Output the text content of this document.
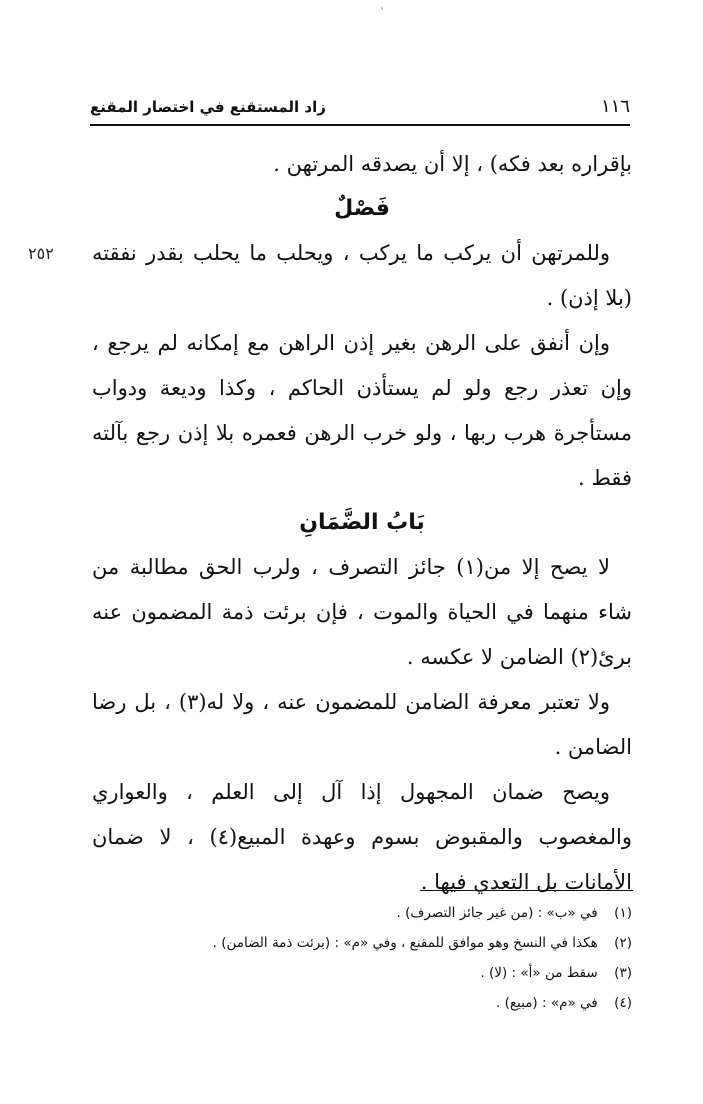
`
١١٦
زاد المستقنع في اختصار المقنع
٢٥٢

بإقراره بعد فكه) ، إلا أن يصدقه المرتهن .

فَصْلٌ

وللمرتهن أن يركب ما يركب ، ويحلب ما يحلب بقدر نفقته (بلا إذن) .

وإن أنفق على الرهن بغير إذن الراهن مع إمكانه لم يرجع ، وإن تعذر رجع ولو لم يستأذن الحاكم ، وكذا وديعة ودواب مستأجرة هرب ربها ، ولو خرب الرهن فعمره بلا إذن رجع بآلته فقط .

بَابُ الضَّمَانِ

لا يصح إلا من(١) جائز التصرف ، ولرب الحق مطالبة من شاء منهما في الحياة والموت ، فإن برئت ذمة المضمون عنه برئ(٢) الضامن لا عكسه .

ولا تعتبر معرفة الضامن للمضمون عنه ، ولا له(٣) ، بل رضا الضامن .

ويصح ضمان المجهول إذا آل إلى العلم ، والعواري والمغصوب والمقبوض بسوم وعهدة المبيع(٤) ، لا ضمان الأمانات بل التعدي فيها .

(١) في «ب» : (من غير جائز التصرف) .
(٢) هكذا في النسخ وهو موافق للمقنع ، وفي «م» : (برئت ذمة الضامن) .
(٣) سقط من «أ» : (لا) .
(٤) في «م» : (مبيع) .
